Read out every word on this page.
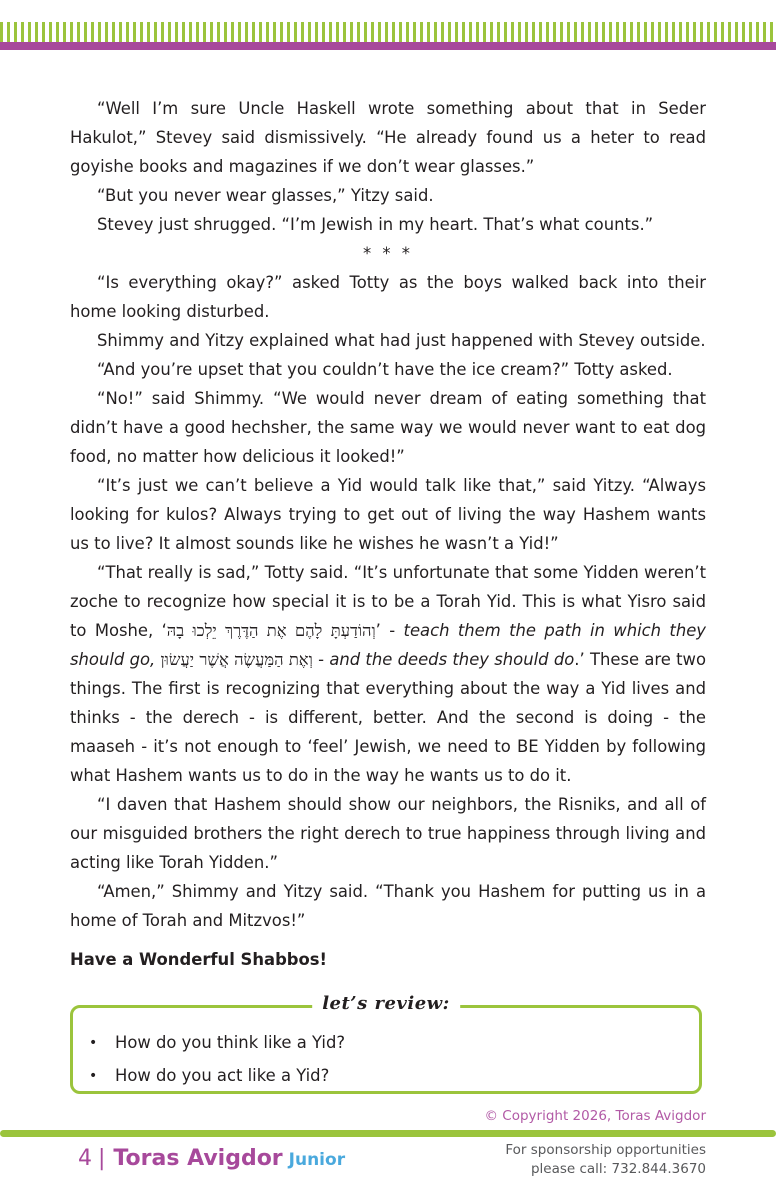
“Well I’m sure Uncle Haskell wrote something about that in Seder Hakulot,” Stevey said dismissively. “He already found us a heter to read goyishe books and magazines if we don’t wear glasses.”

“But you never wear glasses,” Yitzy said.

Stevey just shrugged. “I’m Jewish in my heart. That’s what counts.”

* * *

“Is everything okay?” asked Totty as the boys walked back into their home looking disturbed.

Shimmy and Yitzy explained what had just happened with Stevey outside.

“And you’re upset that you couldn’t have the ice cream?” Totty asked.

“No!” said Shimmy. “We would never dream of eating something that didn’t have a good hechsher, the same way we would never want to eat dog food, no matter how delicious it looked!”

“It’s just we can’t believe a Yid would talk like that,” said Yitzy. “Always looking for kulos? Always trying to get out of living the way Hashem wants us to live? It almost sounds like he wishes he wasn’t a Yid!”

“That really is sad,” Totty said. “It’s unfortunate that some Yidden weren’t zoche to recognize how special it is to be a Torah Yid. This is what Yisro said to Moshe, ‘וְהוֹדַעְתָּ לָהֶם אֶת הַדֶּרֶךְ יֵלְכוּ בָהּ’ - teach them the path in which they should go, וְאֶת הַמַּעֲשֶׂה אֲשֶׁר יַעֲשׂוּן - and the deeds they should do.’ These are two things. The first is recognizing that everything about the way a Yid lives and thinks - the derech - is different, better. And the second is doing - the maaseh - it’s not enough to ‘feel’ Jewish, we need to BE Yidden by following what Hashem wants us to do in the way he wants us to do it.

“I daven that Hashem should show our neighbors, the Risniks, and all of our misguided brothers the right derech to true happiness through living and acting like Torah Yidden.”

“Amen,” Shimmy and Yitzy said. “Thank you Hashem for putting us in a home of Torah and Mitzvos!”

Have a Wonderful Shabbos!

let’s review:
•	How do you think like a Yid?
•	How do you act like a Yid?
© Copyright 2026, Toras Avigdor
4 | Toras Avigdor Junior	For sponsorship opportunities
please call: 732.844.3670
